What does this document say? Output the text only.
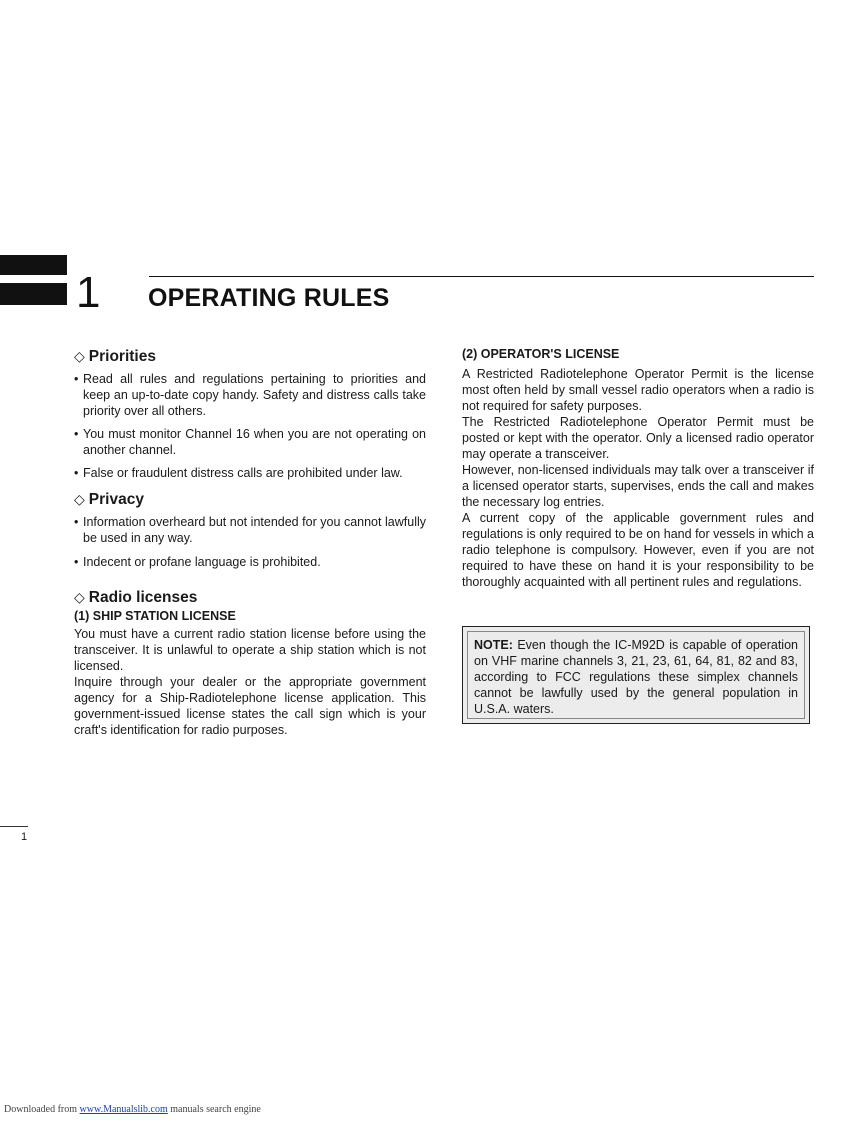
1 OPERATING RULES
◇ Priorities
• Read all rules and regulations pertaining to priorities and keep an up-to-date copy handy. Safety and distress calls take priority over all others.
• You must monitor Channel 16 when you are not operating on another channel.
• False or fraudulent distress calls are prohibited under law.
◇ Privacy
• Information overheard but not intended for you cannot lawfully be used in any way.
• Indecent or profane language is prohibited.
◇ Radio licenses
(1) SHIP STATION LICENSE

You must have a current radio station license before using the transceiver. It is unlawful to operate a ship station which is not licensed.

Inquire through your dealer or the appropriate government agency for a Ship-Radiotelephone license application. This government-issued license states the call sign which is your craft's identification for radio purposes.

(2) OPERATOR'S LICENSE

A Restricted Radiotelephone Operator Permit is the license most often held by small vessel radio operators when a radio is not required for safety purposes.

The Restricted Radiotelephone Operator Permit must be posted or kept with the operator. Only a licensed radio operator may operate a transceiver.

However, non-licensed individuals may talk over a transceiver if a licensed operator starts, supervises, ends the call and makes the necessary log entries.

A current copy of the applicable government rules and regulations is only required to be on hand for vessels in which a radio telephone is compulsory. However, even if you are not required to have these on hand it is your responsibility to be thoroughly acquainted with all pertinent rules and regulations.

NOTE: Even though the IC-M92D is capable of operation on VHF marine channels 3, 21, 23, 61, 64, 81, 82 and 83, according to FCC regulations these simplex channels cannot be lawfully used by the general population in U.S.A. waters.
1
Downloaded from www.Manualslib.com manuals search engine
